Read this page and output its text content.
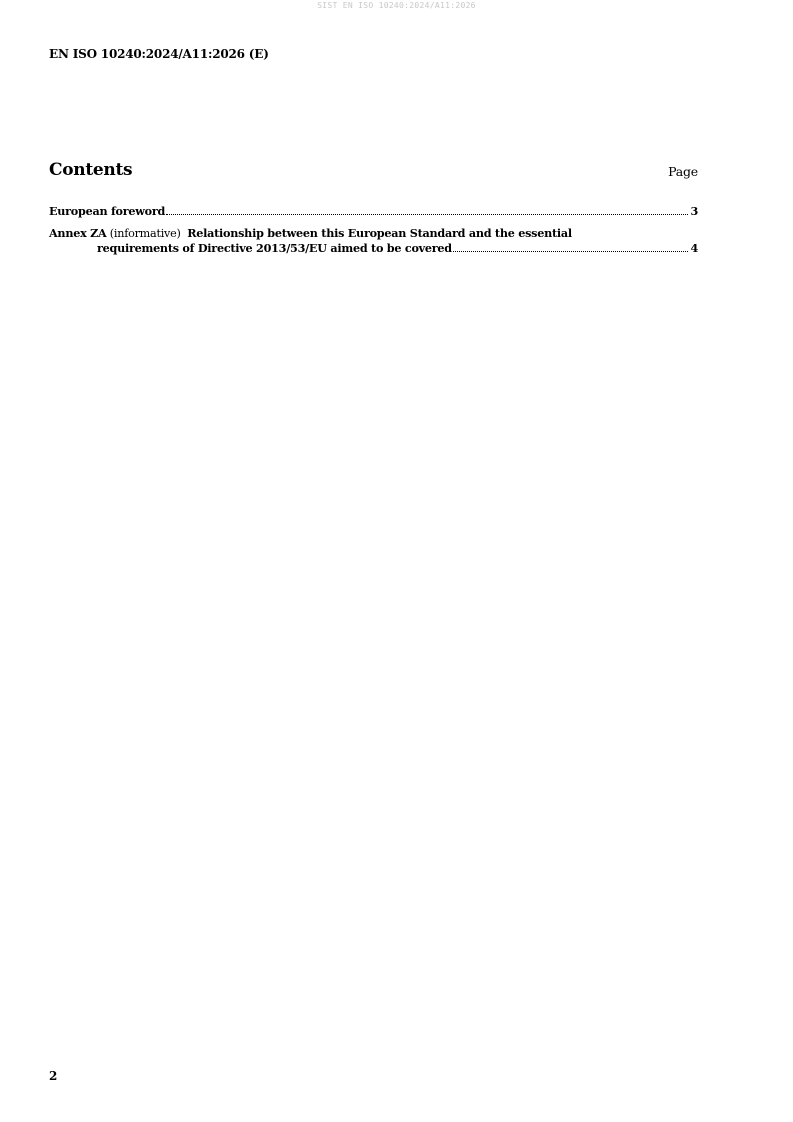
SIST EN ISO 10240:2024/A11:2026
EN ISO 10240:2024/A11:2026 (E)
Contents	Page
European foreword	3
Annex ZA (informative) Relationship between this European Standard and the essential
requirements of Directive 2013/53/EU aimed to be covered	4
2
